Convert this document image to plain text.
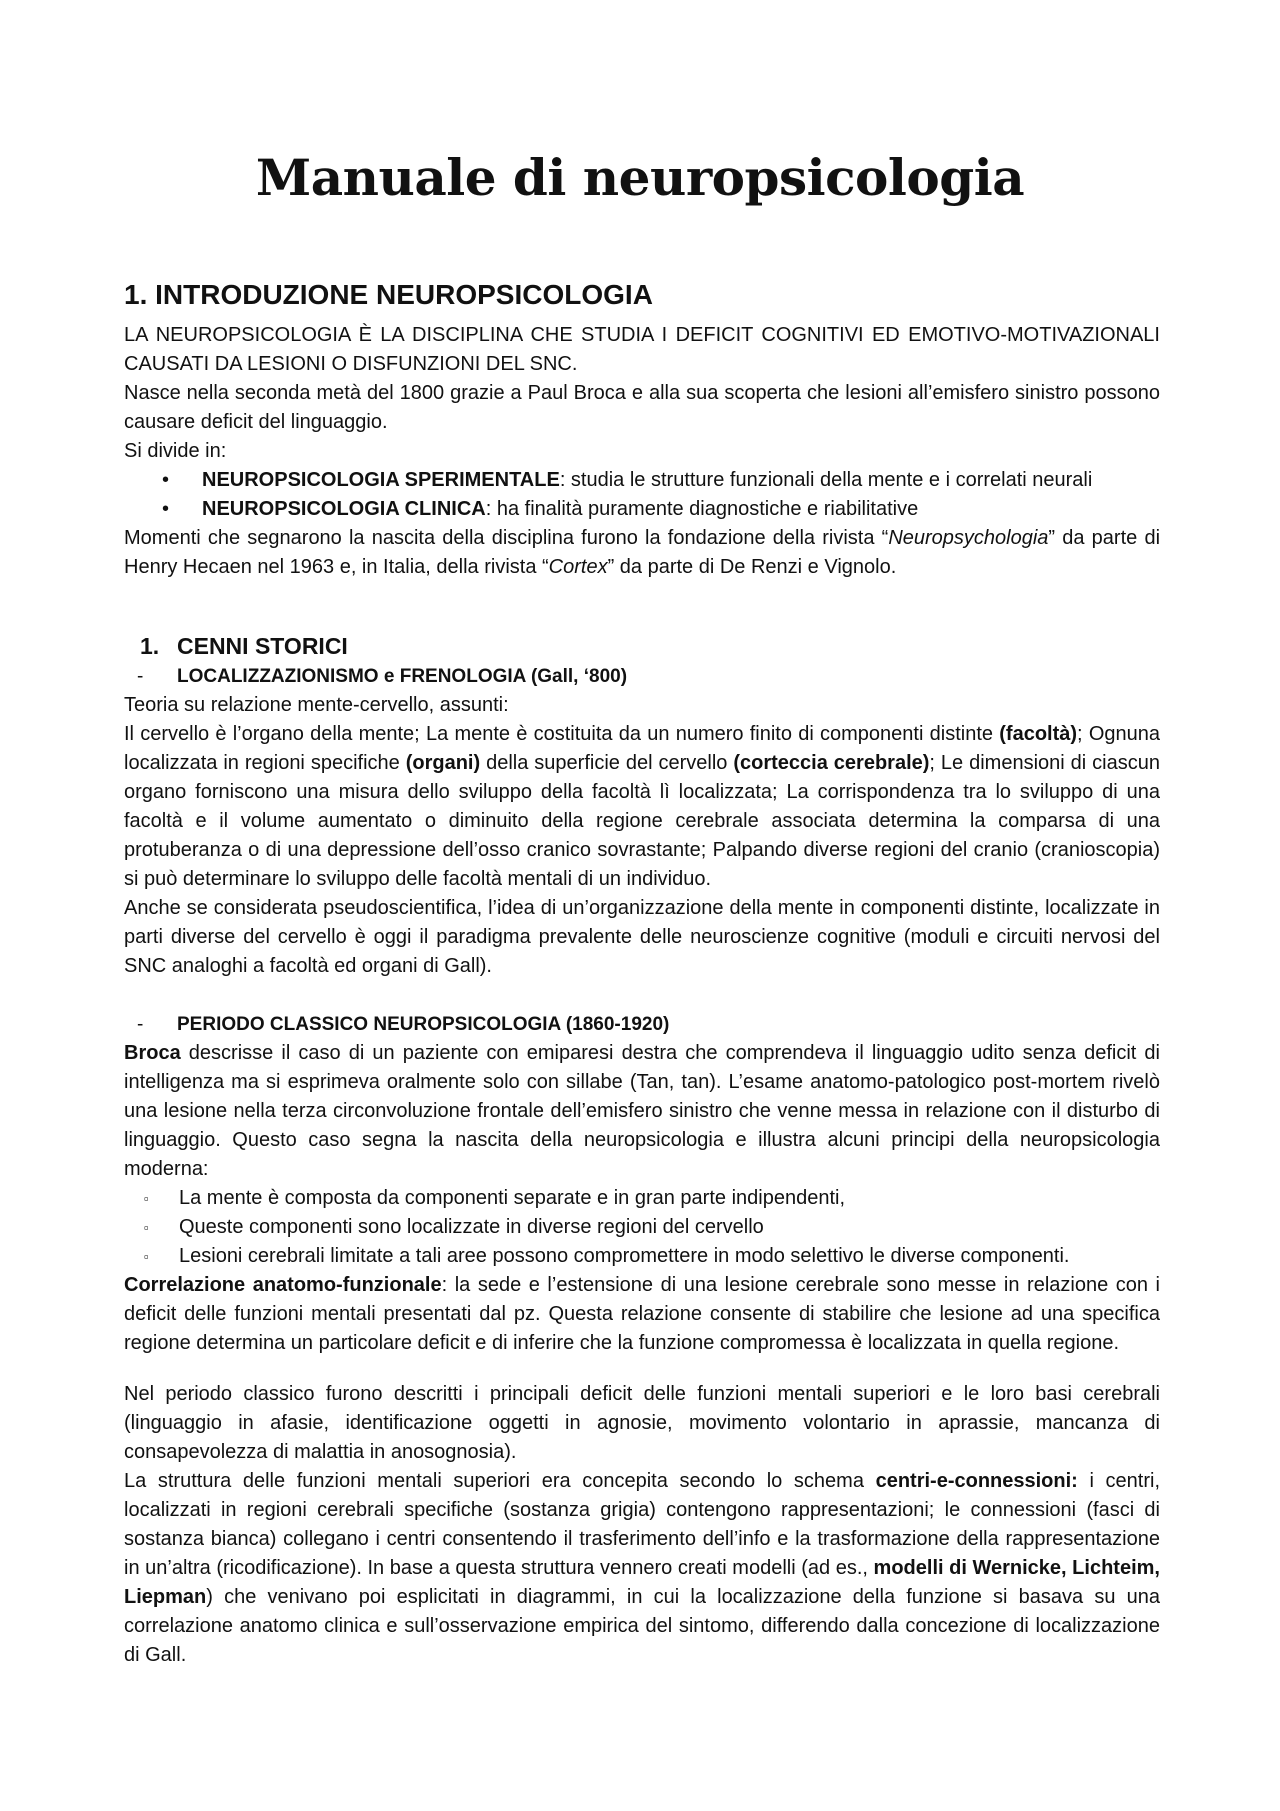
Manuale di neuropsicologia
1. INTRODUZIONE NEUROPSICOLOGIA

LA NEUROPSICOLOGIA È LA DISCIPLINA CHE STUDIA I DEFICIT COGNITIVI ED EMOTIVO-MOTIVAZIONALI CAUSATI DA LESIONI O DISFUNZIONI DEL SNC.

Nasce nella seconda metà del 1800 grazie a Paul Broca e alla sua scoperta che lesioni all’emisfero sinistro possono causare deficit del linguaggio.

Si divide in:

• NEUROPSICOLOGIA SPERIMENTALE: studia le strutture funzionali della mente e i correlati neurali
• NEUROPSICOLOGIA CLINICA: ha finalità puramente diagnostiche e riabilitative

Momenti che segnarono la nascita della disciplina furono la fondazione della rivista “Neuropsychologia” da parte di Henry Hecaen nel 1963 e, in Italia, della rivista “Cortex” da parte di De Renzi e Vignolo.

1. CENNI STORICI
- LOCALIZZAZIONISMO e FRENOLOGIA (Gall, ‘800)

Teoria su relazione mente-cervello, assunti:

Il cervello è l’organo della mente; La mente è costituita da un numero finito di componenti distinte (facoltà); Ognuna localizzata in regioni specifiche (organi) della superficie del cervello (corteccia cerebrale); Le dimensioni di ciascun organo forniscono una misura dello sviluppo della facoltà lì localizzata; La corrispondenza tra lo sviluppo di una facoltà e il volume aumentato o diminuito della regione cerebrale associata determina la comparsa di una protuberanza o di una depressione dell’osso cranico sovrastante; Palpando diverse regioni del cranio (cranioscopia) si può determinare lo sviluppo delle facoltà mentali di un individuo.

Anche se considerata pseudoscientifica, l’idea di un’organizzazione della mente in componenti distinte, localizzate in parti diverse del cervello è oggi il paradigma prevalente delle neuroscienze cognitive (moduli e circuiti nervosi del SNC analoghi a facoltà ed organi di Gall).

- PERIODO CLASSICO NEUROPSICOLOGIA (1860-1920)

Broca descrisse il caso di un paziente con emiparesi destra che comprendeva il linguaggio udito senza deficit di intelligenza ma si esprimeva oralmente solo con sillabe (Tan, tan). L’esame anatomo-patologico post-mortem rivelò una lesione nella terza circonvoluzione frontale dell’emisfero sinistro che venne messa in relazione con il disturbo di linguaggio. Questo caso segna la nascita della neuropsicologia e illustra alcuni principi della neuropsicologia moderna:

▫ La mente è composta da componenti separate e in gran parte indipendenti,
▫ Queste componenti sono localizzate in diverse regioni del cervello
▫ Lesioni cerebrali limitate a tali aree possono compromettere in modo selettivo le diverse componenti.

Correlazione anatomo-funzionale: la sede e l’estensione di una lesione cerebrale sono messe in relazione con i deficit delle funzioni mentali presentati dal pz. Questa relazione consente di stabilire che lesione ad una specifica regione determina un particolare deficit e di inferire che la funzione compromessa è localizzata in quella regione.

Nel periodo classico furono descritti i principali deficit delle funzioni mentali superiori e le loro basi cerebrali (linguaggio in afasie, identificazione oggetti in agnosie, movimento volontario in aprassie, mancanza di consapevolezza di malattia in anosognosia).

La struttura delle funzioni mentali superiori era concepita secondo lo schema centri-e-connessioni: i centri, localizzati in regioni cerebrali specifiche (sostanza grigia) contengono rappresentazioni; le connessioni (fasci di sostanza bianca) collegano i centri consentendo il trasferimento dell’info e la trasformazione della rappresentazione in un’altra (ricodificazione). In base a questa struttura vennero creati modelli (ad es., modelli di Wernicke, Lichteim, Liepman) che venivano poi esplicitati in diagrammi, in cui la localizzazione della funzione si basava su una correlazione anatomo clinica e sull’osservazione empirica del sintomo, differendo dalla concezione di localizzazione di Gall.
